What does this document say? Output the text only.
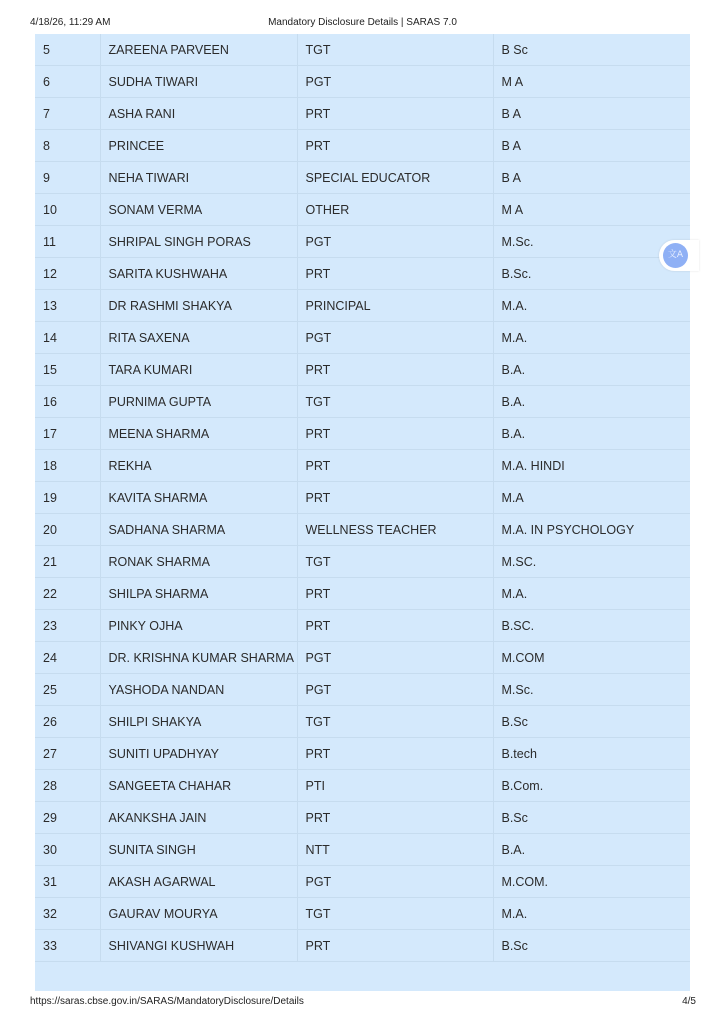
4/18/26, 11:29 AM	Mandatory Disclosure Details | SARAS 7.0
5	ZAREENA PARVEEN	TGT	B Sc
6	SUDHA TIWARI	PGT	M A
7	ASHA RANI	PRT	B A
8	PRINCEE	PRT	B A
9	NEHA TIWARI	SPECIAL EDUCATOR	B A
10	SONAM VERMA	OTHER	M A
11	SHRIPAL SINGH PORAS	PGT	M.Sc.
12	SARITA KUSHWAHA	PRT	B.Sc.
13	DR RASHMI SHAKYA	PRINCIPAL	M.A.
14	RITA SAXENA	PGT	M.A.
15	TARA KUMARI	PRT	B.A.
16	PURNIMA GUPTA	TGT	B.A.
17	MEENA SHARMA	PRT	B.A.
18	REKHA	PRT	M.A. HINDI
19	KAVITA SHARMA	PRT	M.A
20	SADHANA SHARMA	WELLNESS TEACHER	M.A. IN PSYCHOLOGY
21	RONAK SHARMA	TGT	M.SC.
22	SHILPA SHARMA	PRT	M.A.
23	PINKY OJHA	PRT	B.SC.
24	DR. KRISHNA KUMAR SHARMA	PGT	M.COM
25	YASHODA NANDAN	PGT	M.Sc.
26	SHILPI SHAKYA	TGT	B.Sc
27	SUNITI UPADHYAY	PRT	B.tech
28	SANGEETA CHAHAR	PTI	B.Com.
29	AKANKSHA JAIN	PRT	B.Sc
30	SUNITA SINGH	NTT	B.A.
31	AKASH AGARWAL	PGT	M.COM.
32	GAURAV MOURYA	TGT	M.A.
33	SHIVANGI KUSHWAH	PRT	B.Sc
文A
https://saras.cbse.gov.in/SARAS/MandatoryDisclosure/Details	4/5
